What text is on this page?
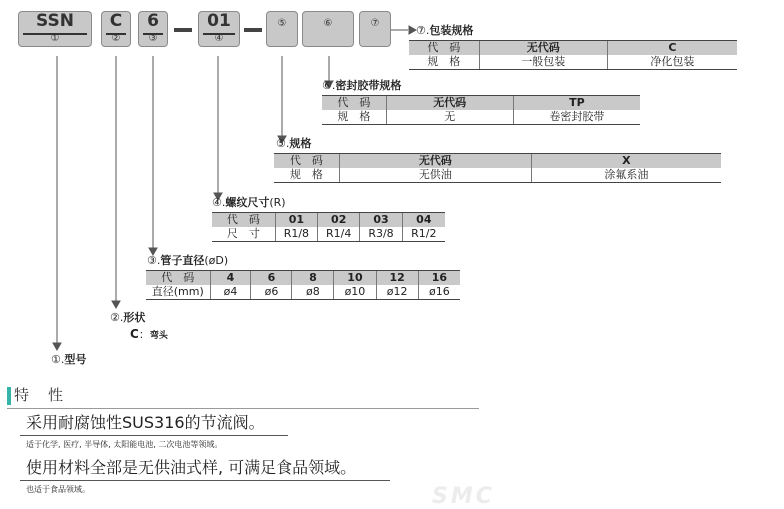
SSN
①
C
②
6
③
01
④
⑤	⑥	⑦
⑦.包装规格
代　码	无代码	C
规　格	一般包装	净化包装
⑥.密封胶带规格
代　码	无代码	TP
规　格	无	卷密封胶带
⑤.规格
代　码	无代码	X
规　格	无供油	涂氟系油
④.螺纹尺寸(R)
代　码	01	02	03	04
尺　寸	R1/8	R1/4	R3/8	R1/2
③.管子直径(øD)
代　码	4	6	8	10	12	16
直径(mm)	ø4	ø6	ø8	ø10	ø12	ø16
②.形状
C：弯头
①.型号
特　性
采用耐腐蚀性SUS316的节流阀。
适于化学, 医疗, 半导体, 太阳能电池, 二次电池等领域。
使用材料全部是无供油式样, 可满足食品领域。
也适于食品领域。	SMC
